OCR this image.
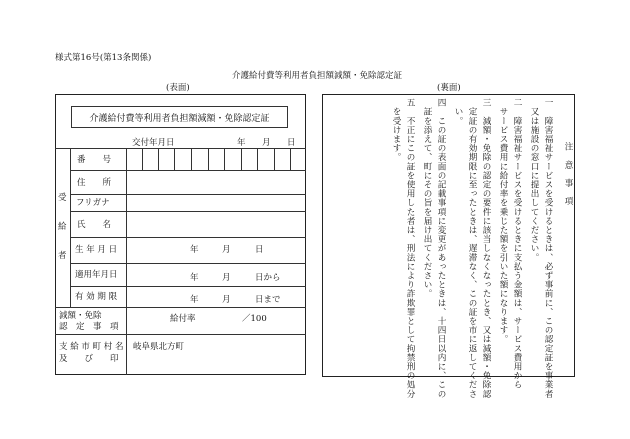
様式第16号(第13条関係)
介護給付費等利用者負担額減額・免除認定証
(表面)	(裏面)
介護給付費等利用者負担額減額・免除認定証
交付年月日	年 月 日
受
給
者
番　　号
住　　所
フリガナ
氏　　名
生 年 月 日	年	月	日
適用年月日	年	月	日から
有 効 期 限	年	月	日まで
減額・免除
認　定　事　項
給付率	／100
支 給 市 町 村 名
及　　び　　印
岐阜県北方町
注　意　事　項
一　障害福祉サービスを受けるときは、必ず事前に、この認定証を事業者
　又は施設の窓口に提出してください。
二　障害福祉サービスを受けるときに支払う金額は、サービス費用から
　サービス費用に給付率を乗じた額を引いた額になります。
三　減額・免除の認定の要件に該当しなくなったとき、又は減額・免除認
　定証の有効期限に至ったときは、遅滞なく、この証を市に返してくださ
　い。
四　この証の表面の記載事項に変更があったときは、十四日以内に、この
　証を添えて、町にその旨を届け出てください。
五　不正にこの証を使用した者は、刑法により詐欺罪として拘禁刑の処分
　を受けます。
